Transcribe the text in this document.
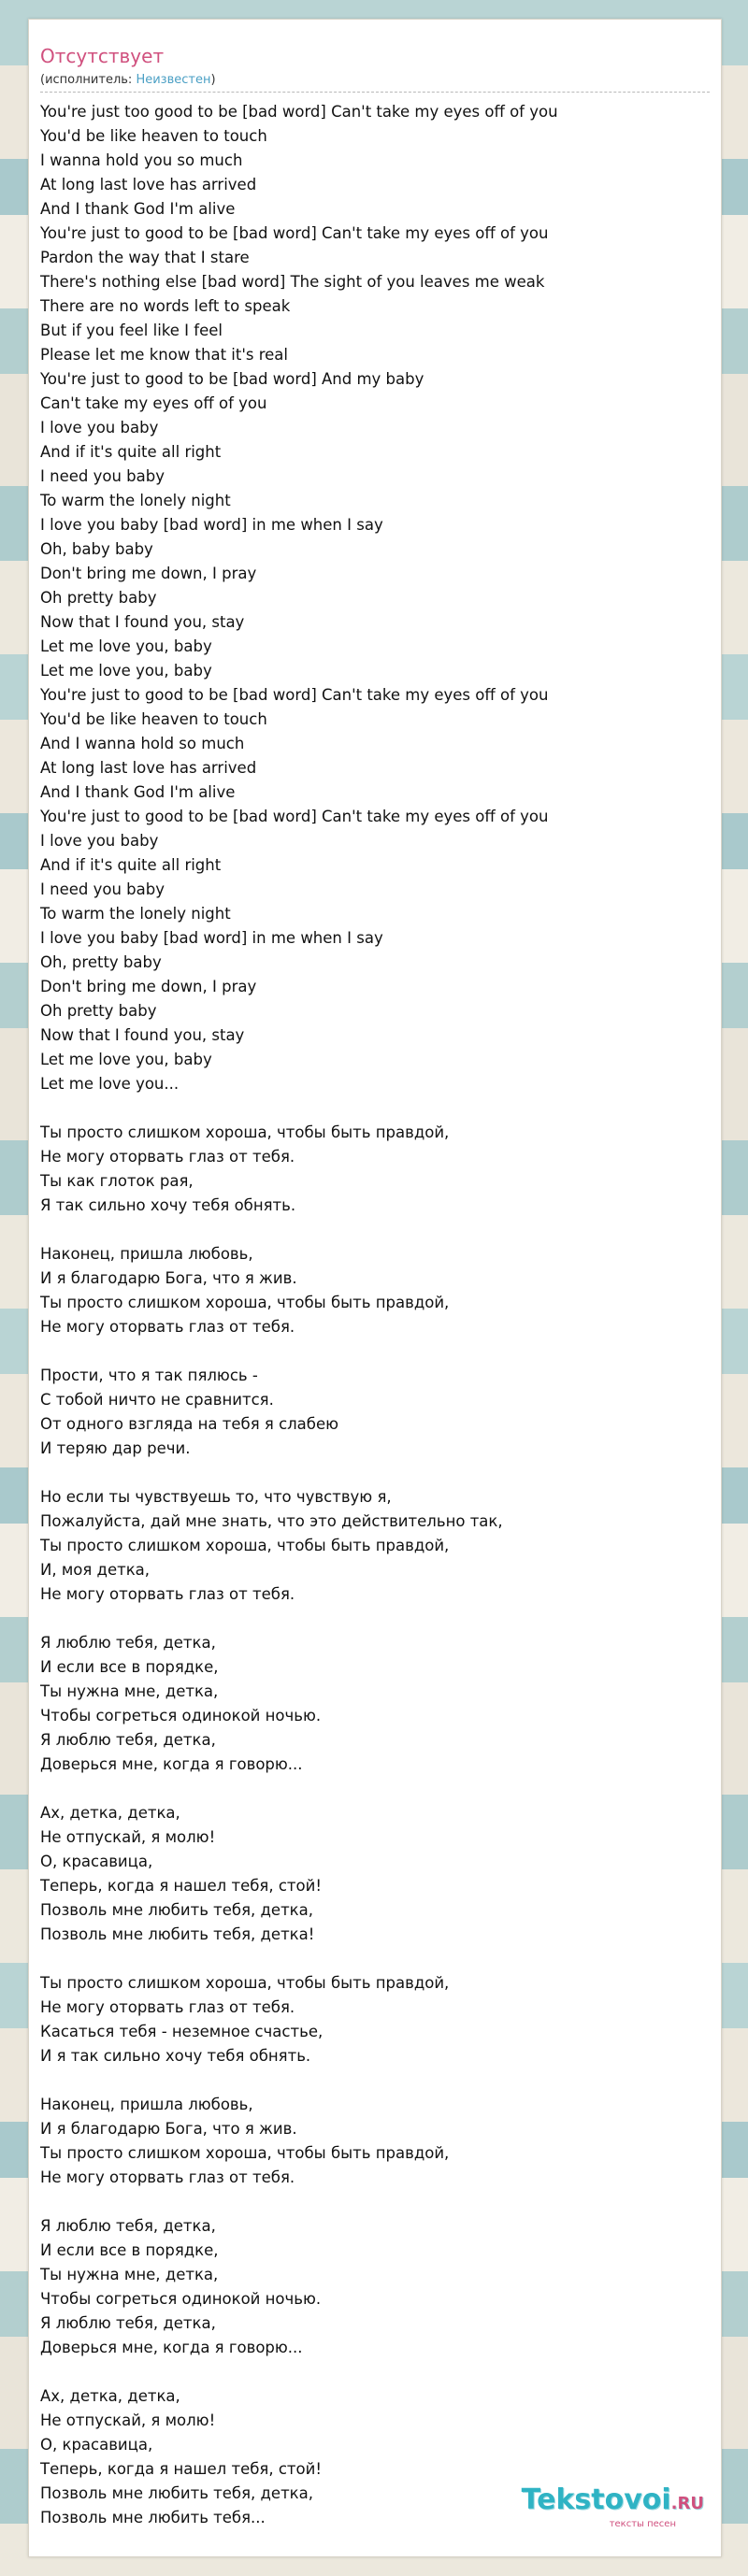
Отсутствует
(исполнитель: Неизвестен)
You're just too good to be [bad word] Can't take my eyes off of you
You'd be like heaven to touch
I wanna hold you so much
At long last love has arrived
And I thank God I'm alive
You're just to good to be [bad word] Can't take my eyes off of you
Pardon the way that I stare
There's nothing else [bad word] The sight of you leaves me weak
There are no words left to speak
But if you feel like I feel
Please let me know that it's real
You're just to good to be [bad word] And my baby
Can't take my eyes off of you
I love you baby
And if it's quite all right
I need you baby
To warm the lonely night
I love you baby [bad word] in me when I say
Oh, baby baby
Don't bring me down, I pray
Oh pretty baby
Now that I found you, stay
Let me love you, baby
Let me love you, baby
You're just to good to be [bad word] Can't take my eyes off of you
You'd be like heaven to touch
And I wanna hold so much
At long last love has arrived
And I thank God I'm alive
You're just to good to be [bad word] Can't take my eyes off of you
I love you baby
And if it's quite all right
I need you baby
To warm the lonely night
I love you baby [bad word] in me when I say
Oh, pretty baby
Don't bring me down, I pray
Oh pretty baby
Now that I found you, stay
Let me love you, baby
Let me love you...

Ты просто слишком хороша, чтобы быть правдой,
Не могу оторвать глаз от тебя.
Ты как глоток рая,
Я так сильно хочу тебя обнять.

Наконец, пришла любовь,
И я благодарю Бога, что я жив.
Ты просто слишком хороша, чтобы быть правдой,
Не могу оторвать глаз от тебя.

Прости, что я так пялюсь -
С тобой ничто не сравнится.
От одного взгляда на тебя я слабею
И теряю дар речи.

Но если ты чувствуешь то, что чувствую я,
Пожалуйста, дай мне знать, что это действительно так,
Ты просто слишком хороша, чтобы быть правдой,
И, моя детка,
Не могу оторвать глаз от тебя.

Я люблю тебя, детка,
И если все в порядке,
Ты нужна мне, детка,
Чтобы согреться одинокой ночью.
Я люблю тебя, детка,
Доверься мне, когда я говорю...

Ах, детка, детка,
Не отпускай, я молю!
О, красавица,
Теперь, когда я нашел тебя, стой!
Позволь мне любить тебя, детка,
Позволь мне любить тебя, детка!

Ты просто слишком хороша, чтобы быть правдой,
Не могу оторвать глаз от тебя.
Касаться тебя - неземное счастье,
И я так сильно хочу тебя обнять.

Наконец, пришла любовь,
И я благодарю Бога, что я жив.
Ты просто слишком хороша, чтобы быть правдой,
Не могу оторвать глаз от тебя.

Я люблю тебя, детка,
И если все в порядке,
Ты нужна мне, детка,
Чтобы согреться одинокой ночью.
Я люблю тебя, детка,
Доверься мне, когда я говорю...

Ах, детка, детка,
Не отпускай, я молю!
О, красавица,
Теперь, когда я нашел тебя, стой!
Позволь мне любить тебя, детка,
Позволь мне любить тебя...
Tekstovoi.RU
тексты песен
